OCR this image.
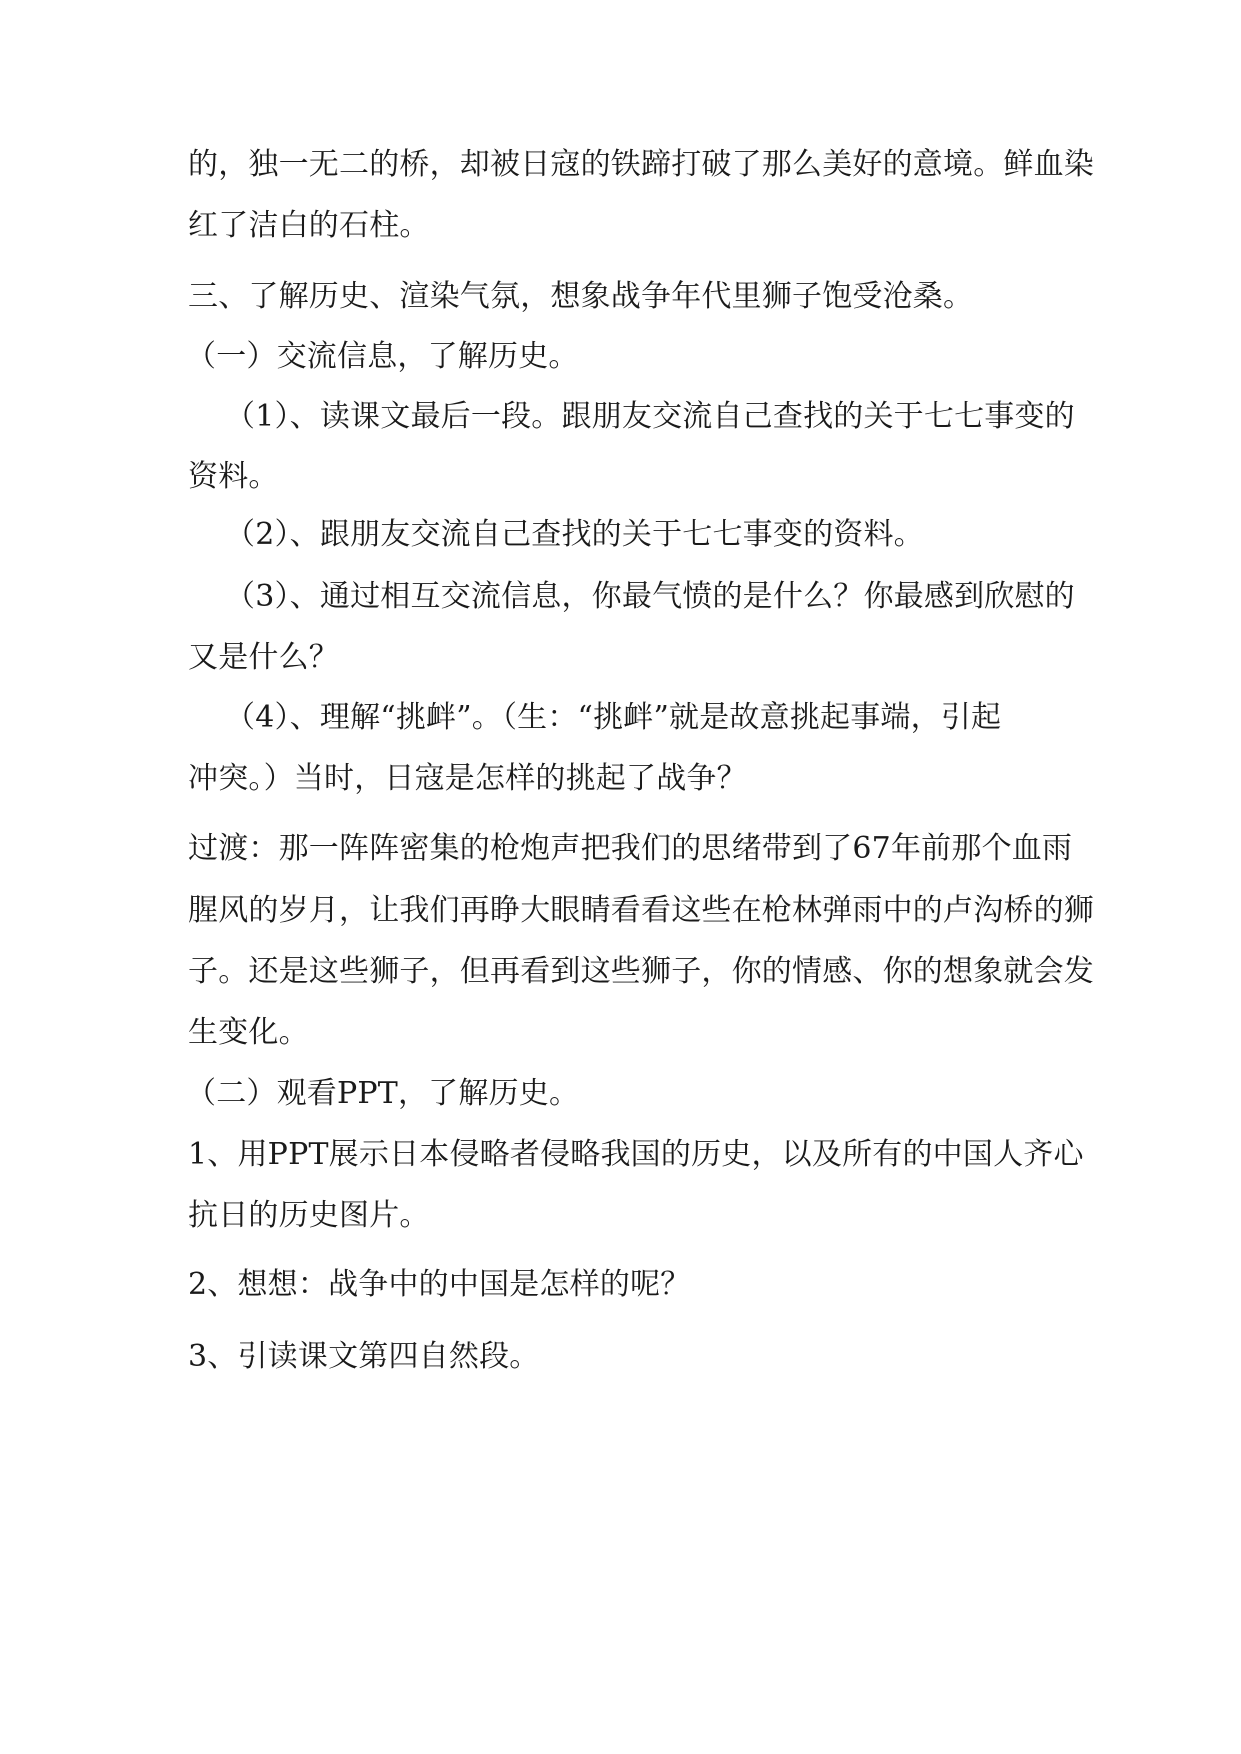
的，独一无二的桥，却被日寇的铁蹄打破了那么美好的意境。鲜血染

红了洁白的石柱。

三、了解历史、渲染气氛，想象战争年代里狮子饱受沧桑。

（一）交流信息，了解历史。

（1）、读课文最后一段。跟朋友交流自己查找的关于七七事变的

资料。

（2）、跟朋友交流自己查找的关于七七事变的资料。

（3）、通过相互交流信息，你最气愤的是什么？你最感到欣慰的

又是什么？

（4）、理解“挑衅”。（生：“挑衅”就是故意挑起事端，引起

冲突。）当时，日寇是怎样的挑起了战争？

过渡：那一阵阵密集的枪炮声把我们的思绪带到了67年前那个血雨

腥风的岁月，让我们再睁大眼睛看看这些在枪林弹雨中的卢沟桥的狮

子。还是这些狮子，但再看到这些狮子，你的情感、你的想象就会发

生变化。

（二）观看PPT，了解历史。

1、用PPT展示日本侵略者侵略我国的历史，以及所有的中国人齐心

抗日的历史图片。

2、想想：战争中的中国是怎样的呢？

3、引读课文第四自然段。
